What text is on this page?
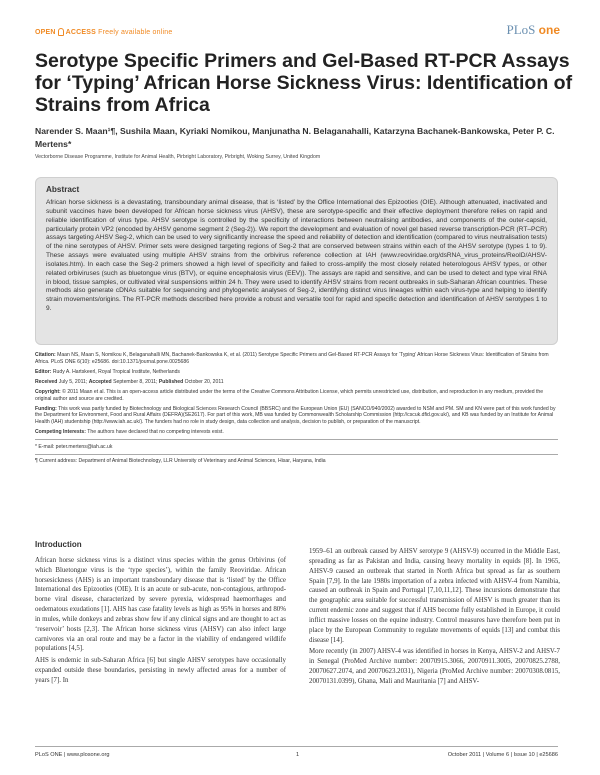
OPEN ACCESS Freely available online	PLoS one
Serotype Specific Primers and Gel-Based RT-PCR Assays for ‘Typing’ African Horse Sickness Virus: Identification of Strains from Africa
Narender S. Maan¹¶, Sushila Maan, Kyriaki Nomikou, Manjunatha N. Belaganahalli, Katarzyna Bachanek-Bankowska, Peter P. C. Mertens*
Vectorborne Disease Programme, Institute for Animal Health, Pirbright Laboratory, Pirbright, Woking Surrey, United Kingdom
Abstract

African horse sickness is a devastating, transboundary animal disease, that is ‘listed’ by the Office International des Epizooties (OIE). Although attenuated, inactivated and subunit vaccines have been developed for African horse sickness virus (AHSV), these are serotype-specific and their effective deployment therefore relies on rapid and reliable identification of virus type. AHSV serotype is controlled by the specificity of interactions between neutralising antibodies, and components of the outer-capsid, particularly protein VP2 (encoded by AHSV genome segment 2 (Seg-2)). We report the development and evaluation of novel gel based reverse transcription-PCR (RT–PCR) assays targeting AHSV Seg-2, which can be used to very significantly increase the speed and reliability of detection and identification (compared to virus neutralisation tests) of the nine serotypes of AHSV. Primer sets were designed targeting regions of Seg-2 that are conserved between strains within each of the AHSV serotype (types 1 to 9). These assays were evaluated using multiple AHSV strains from the orbivirus reference collection at IAH (www.reoviridae.org/dsRNA_virus_proteins/ReoID/AHSV-isolates.htm). In each case the Seg-2 primers showed a high level of specificity and failed to cross-amplify the most closely related heterologous AHSV types, or other related orbiviruses (such as bluetongue virus (BTV), or equine encephalosis virus (EEV)). The assays are rapid and sensitive, and can be used to detect and type viral RNA in blood, tissue samples, or cultivated viral suspensions within 24 h. They were used to identify AHSV strains from recent outbreaks in sub-Saharan African countries. These methods also generate cDNAs suitable for sequencing and phylogenetic analyses of Seg-2, identifying distinct virus lineages within each virus-type and helping to identify strain movements/origins. The RT-PCR methods described here provide a robust and versatile tool for rapid and specific detection and identification of AHSV serotypes 1 to 9.

Citation: Maan NS, Maan S, Nomikou K, Belaganahalli MN, Bachanek-Bankowska K, et al. (2011) Serotype Specific Primers and Gel-Based RT-PCR Assays for ‘Typing’ African Horse Sickness Virus: Identification of Strains from Africa. PLoS ONE 6(10): e25686. doi:10.1371/journal.pone.0025686

Editor: Rudy A. Hartskeerl, Royal Tropical Institute, Netherlands

Received July 5, 2011; Accepted September 8, 2011; Published October 20, 2011

Copyright: © 2011 Maan et al. This is an open-access article distributed under the terms of the Creative Commons Attribution License, which permits unrestricted use, distribution, and reproduction in any medium, provided the original author and source are credited.

Funding: This work was partly funded by Biotechnology and Biological Sciences Research Council (BBSRC) and the European Union (EU) (SANCO/940/2002) awarded to NSM and PM. SM and KN were part of this work funded by the Department for Environment, Food and Rural Affairs (DEFRA)(SE2617). For part of this work, MB was funded by Commonwealth Scholarship Commission (http://cscuk.dfid.gov.uk/), and KB was funded by an Institute for Animal Health (IAH) studentship (http://www.iah.ac.uk/). The funders had no role in study design, data collection and analysis, decision to publish, or preparation of the manuscript.

Competing Interests: The authors have declared that no competing interests exist.

* E-mail: peter.mertens@iah.ac.uk

¶ Current address: Department of Animal Biotechnology, LLR University of Veterinary and Animal Sciences, Hisar, Haryana, India

Introduction

African horse sickness virus is a distinct virus species within the genus Orbivirus (of which Bluetongue virus is the ‘type species’), within the family Reoviridae. African horsesickness (AHS) is an important transboundary disease that is ‘listed’ by the Office International des Epizooties (OIE). It is an acute or sub-acute, non-contagious, arthropod-borne viral disease, characterized by severe pyrexia, widespread haemorrhages and oedematous exudations [1]. AHS has case fatality levels as high as 95% in horses and 80% in mules, while donkeys and zebras show few if any clinical signs and are thought to act as ‘reservoir’ hosts [2,3]. The African horse sickness virus (AHSV) can also infect large carnivores via an oral route and may be a factor in the viability of endangered wildlife populations [4,5].

AHS is endemic in sub-Saharan Africa [6] but single AHSV serotypes have occasionally expanded outside these boundaries, persisting in newly affected areas for a number of years [7]. In

1959–61 an outbreak caused by AHSV serotype 9 (AHSV-9) occurred in the Middle East, spreading as far as Pakistan and India, causing heavy mortality in equids [8]. In 1965, AHSV-9 caused an outbreak that started in North Africa but spread as far as southern Spain [7,9]. In the late 1980s importation of a zebra infected with AHSV-4 from Namibia, caused an outbreak in Spain and Portugal [7,10,11,12]. These incursions demonstrate that the geographic area suitable for successful transmission of AHSV is much greater than its current endemic zone and suggest that if AHS become fully established in Europe, it could inflict massive losses on the equine industry. Control measures have therefore been put in place by the European Community to regulate movements of equids [13] and combat this disease [14].

More recently (in 2007) AHSV-4 was identified in horses in Kenya, AHSV-2 and AHSV-7 in Senegal (ProMed Archive number: 20070915.3066, 20070911.3005, 20070825.2788, 20070627.2074, and 20070623.2031), Nigeria (ProMed Archive number: 20070308.0815, 20070131.0399), Ghana, Mali and Mauritania [7] and AHSV-

PLoS ONE | www.plosone.org	1	October 2011 | Volume 6 | Issue 10 | e25686
